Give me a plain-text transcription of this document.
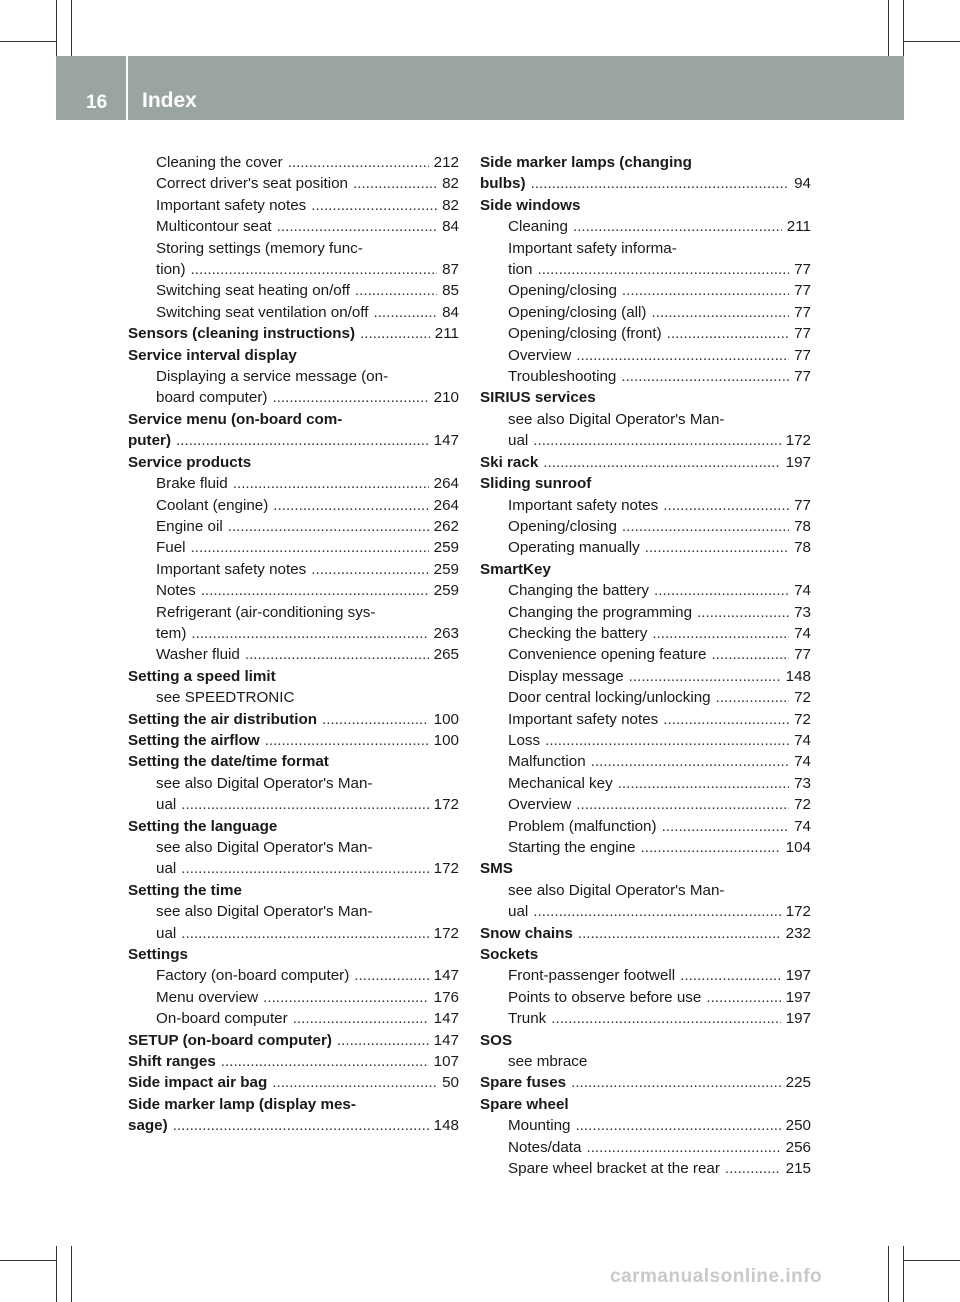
16 Index
Cleaning the cover .....	212
Correct driver's seat position .....	82
Important safety notes .....	82
Multicontour seat .....	84
Storing settings (memory func-
tion) .....	87
Switching seat heating on/off .....	85
Switching seat ventilation on/off .....	84
Sensors (cleaning instructions) .....	211
Service interval display
Displaying a service message (on-
board computer) .....	210
Service menu (on-board com-
puter) .....	147
Service products
Brake fluid .....	264
Coolant (engine) .....	264
Engine oil .....	262
Fuel .....	259
Important safety notes .....	259
Notes .....	259
Refrigerant (air-conditioning sys-
tem) .....	263
Washer fluid .....	265
Setting a speed limit
see SPEEDTRONIC
Setting the air distribution .....	100
Setting the airflow .....	100
Setting the date/time format
see also Digital Operator's Man-
ual .....	172
Setting the language
see also Digital Operator's Man-
ual .....	172
Setting the time
see also Digital Operator's Man-
ual .....	172
Settings
Factory (on-board computer) .....	147
Menu overview .....	176
On-board computer .....	147
SETUP (on-board computer) .....	147
Shift ranges .....	107
Side impact air bag .....	50
Side marker lamp (display mes-
sage) .....	148
Side marker lamps (changing
bulbs) .....	94
Side windows
Cleaning .....	211
Important safety informa-
tion .....	77
Opening/closing .....	77
Opening/closing (all) .....	77
Opening/closing (front) .....	77
Overview .....	77
Troubleshooting .....	77
SIRIUS services
see also Digital Operator's Man-
ual .....	172
Ski rack .....	197
Sliding sunroof
Important safety notes .....	77
Opening/closing .....	78
Operating manually .....	78
SmartKey
Changing the battery .....	74
Changing the programming .....	73
Checking the battery .....	74
Convenience opening feature .....	77
Display message .....	148
Door central locking/unlocking .....	72
Important safety notes .....	72
Loss .....	74
Malfunction .....	74
Mechanical key .....	73
Overview .....	72
Problem (malfunction) .....	74
Starting the engine .....	104
SMS
see also Digital Operator's Man-
ual .....	172
Snow chains .....	232
Sockets
Front-passenger footwell .....	197
Points to observe before use .....	197
Trunk .....	197
SOS
see mbrace
Spare fuses .....	225
Spare wheel
Mounting .....	250
Notes/data .....	256
Spare wheel bracket at the rear .....	215
carmanualsonline.info
